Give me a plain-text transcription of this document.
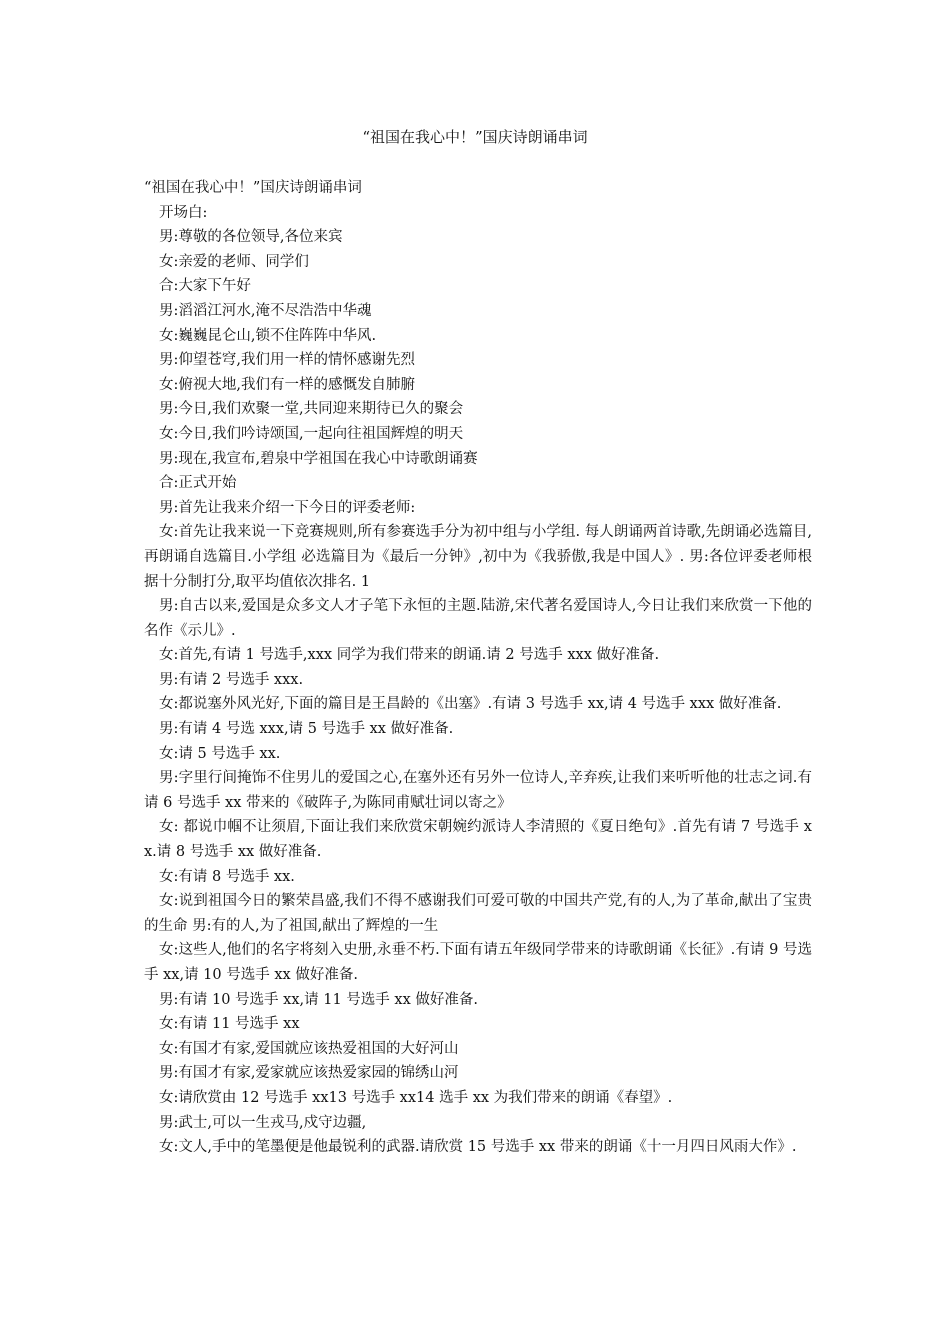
“祖国在我心中！”国庆诗朗诵串词

“祖国在我心中！”国庆诗朗诵串词

开场白:

男:尊敬的各位领导,各位来宾

女:亲爱的老师、同学们

合:大家下午好

男:滔滔江河水,淹不尽浩浩中华魂

女:巍巍昆仑山,锁不住阵阵中华风.

男:仰望苍穹,我们用一样的情怀感谢先烈

女:俯视大地,我们有一样的感慨发自肺腑

男:今日,我们欢聚一堂,共同迎来期待已久的聚会

女:今日,我们吟诗颂国,一起向往祖国辉煌的明天

男:现在,我宣布,碧泉中学祖国在我心中诗歌朗诵赛

合:正式开始

男:首先让我来介绍一下今日的评委老师:

女:首先让我来说一下竞赛规则,所有参赛选手分为初中组与小学组. 每人朗诵两首诗歌,先朗诵必选篇目,再朗诵自选篇目.小学组 必选篇目为《最后一分钟》,初中为《我骄傲,我是中国人》. 男:各位评委老师根据十分制打分,取平均值依次排名. 1

男:自古以来,爱国是众多文人才子笔下永恒的主题.陆游,宋代著名爱国诗人,今日让我们来欣赏一下他的名作《示儿》.

女:首先,有请 1 号选手,xxx 同学为我们带来的朗诵.请 2 号选手 xxx 做好准备.

男:有请 2 号选手 xxx.

女:都说塞外风光好,下面的篇目是王昌龄的《出塞》.有请 3 号选手 xx,请 4 号选手 xxx 做好准备.

男:有请 4 号选 xxx,请 5 号选手 xx 做好准备.

女:请 5 号选手 xx.

男:字里行间掩饰不住男儿的爱国之心,在塞外还有另外一位诗人,辛弃疾,让我们来听听他的壮志之词.有请 6 号选手 xx 带来的《破阵子,为陈同甫赋壮词以寄之》

女: 都说巾帼不让须眉,下面让我们来欣赏宋朝婉约派诗人李清照的《夏日绝句》.首先有请 7 号选手 xx.请 8 号选手 xx 做好准备.

女:有请 8 号选手 xx.

女:说到祖国今日的繁荣昌盛,我们不得不感谢我们可爱可敬的中国共产党,有的人,为了革命,献出了宝贵的生命 男:有的人,为了祖国,献出了辉煌的一生

女:这些人,他们的名字将刻入史册,永垂不朽.下面有请五年级同学带来的诗歌朗诵《长征》.有请 9 号选手 xx,请 10 号选手 xx 做好准备.

男:有请 10 号选手 xx,请 11 号选手 xx 做好准备.

女:有请 11 号选手 xx

女:有国才有家,爱国就应该热爱祖国的大好河山

男:有国才有家,爱家就应该热爱家园的锦绣山河

女:请欣赏由 12 号选手 xx13 号选手 xx14 选手 xx 为我们带来的朗诵《春望》.

男:武士,可以一生戎马,戍守边疆,

女:文人,手中的笔墨便是他最锐利的武器.请欣赏 15 号选手 xx 带来的朗诵《十一月四日风雨大作》.
